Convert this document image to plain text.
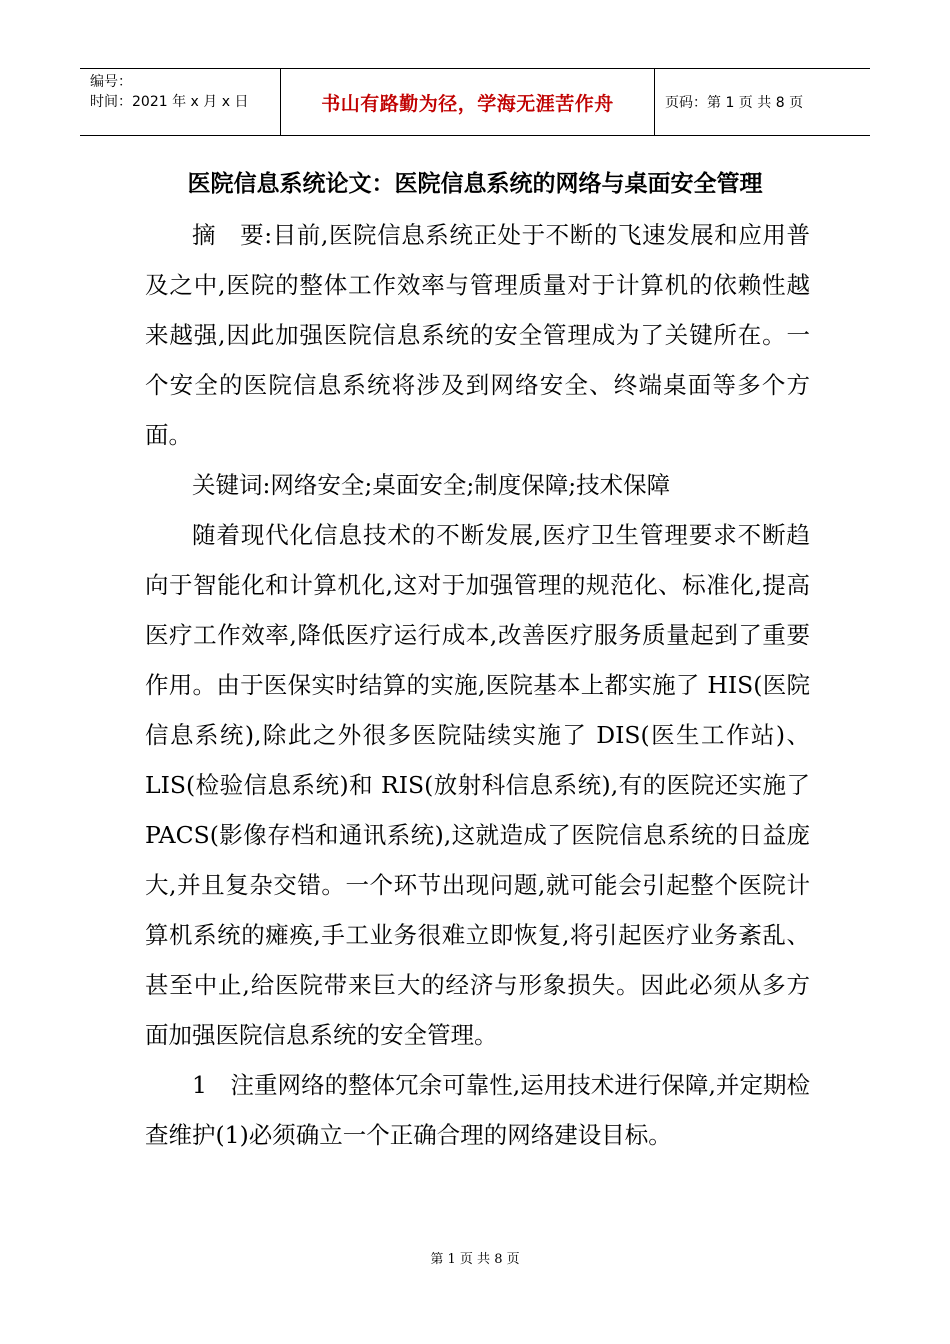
编号：
时间：2021 年 x 月 x 日	书山有路勤为径，学海无涯苦作舟	页码：第 1 页 共 8 页
医院信息系统论文：医院信息系统的网络与桌面安全管理

摘　要:目前,医院信息系统正处于不断的飞速发展和应用普及之中,医院的整体工作效率与管理质量对于计算机的依赖性越来越强,因此加强医院信息系统的安全管理成为了关键所在。一个安全的医院信息系统将涉及到网络安全、终端桌面等多个方面。

关键词:网络安全;桌面安全;制度保障;技术保障

随着现代化信息技术的不断发展,医疗卫生管理要求不断趋向于智能化和计算机化,这对于加强管理的规范化、标准化,提高医疗工作效率,降低医疗运行成本,改善医疗服务质量起到了重要作用。由于医保实时结算的实施,医院基本上都实施了 HIS(医院信息系统),除此之外很多医院陆续实施了 DIS(医生工作站)、LIS(检验信息系统)和 RIS(放射科信息系统),有的医院还实施了 PACS(影像存档和通讯系统),这就造成了医院信息系统的日益庞大,并且复杂交错。一个环节出现问题,就可能会引起整个医院计算机系统的瘫痪,手工业务很难立即恢复,将引起医疗业务紊乱、甚至中止,给医院带来巨大的经济与形象损失。因此必须从多方面加强医院信息系统的安全管理。

1　注重网络的整体冗余可靠性,运用技术进行保障,并定期检查维护(1)必须确立一个正确合理的网络建设目标。

第 1 页 共 8 页
